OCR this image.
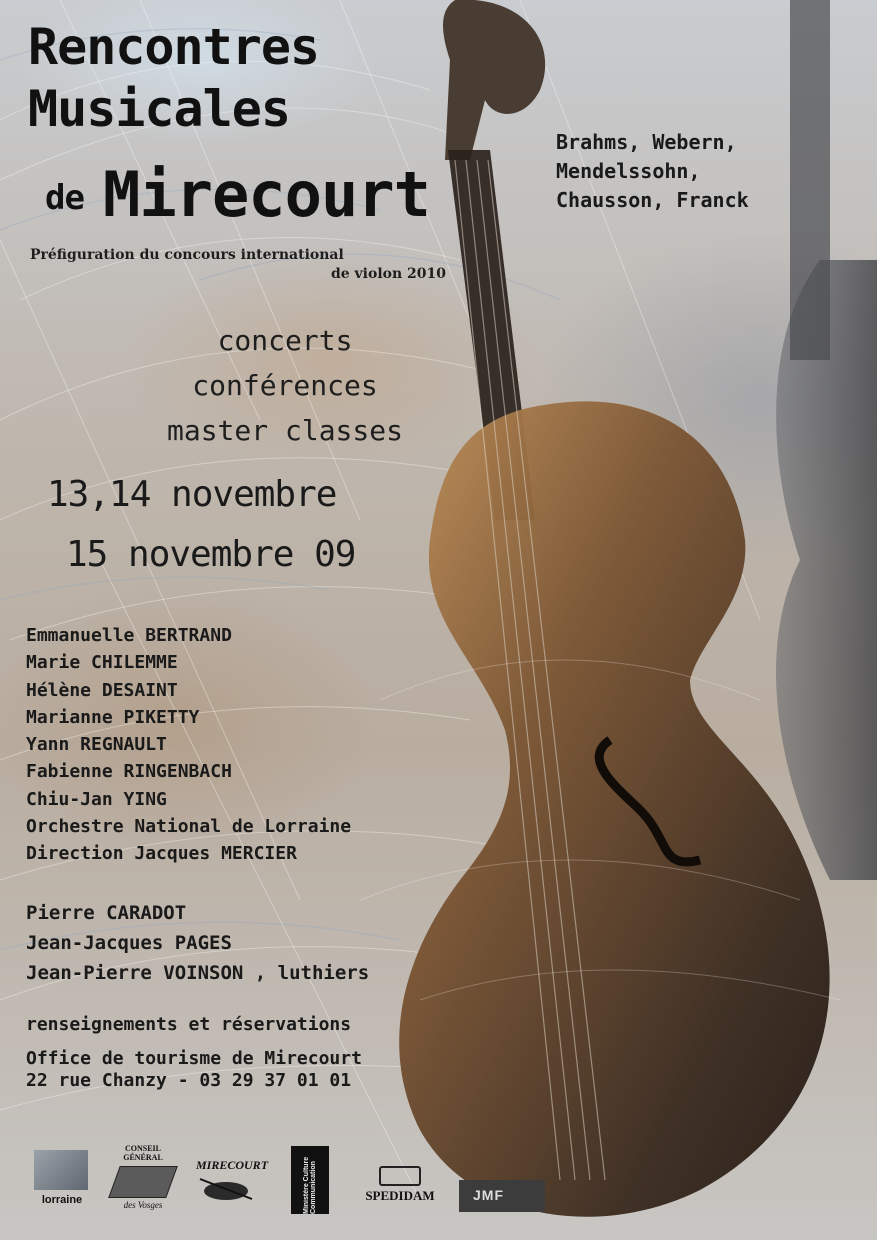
Rencontres
Musicales
de Mirecourt
Préfiguration du concours international
de violon 2010
Brahms, Webern,
Mendelssohn,
Chausson, Franck
concerts
conférences
master classes
13,14 novembre
15 novembre 09
Emmanuelle BERTRAND
Marie CHILEMME
Hélène DESAINT
Marianne PIKETTY
Yann REGNAULT
Fabienne RINGENBACH
Chiu-Jan YING
Orchestre National de Lorraine
Direction Jacques MERCIER
Pierre CARADOT
Jean-Jacques PAGES
Jean-Pierre VOINSON , luthiers
renseignements et réservations
Office de tourisme de Mirecourt
22 rue Chanzy - 03 29 37 01 01
lorraine
CONSEIL GÉNÉRAL
des Vosges
MIRECOURT	Ministère Culture Communication	SPEDIDAM	JMF
